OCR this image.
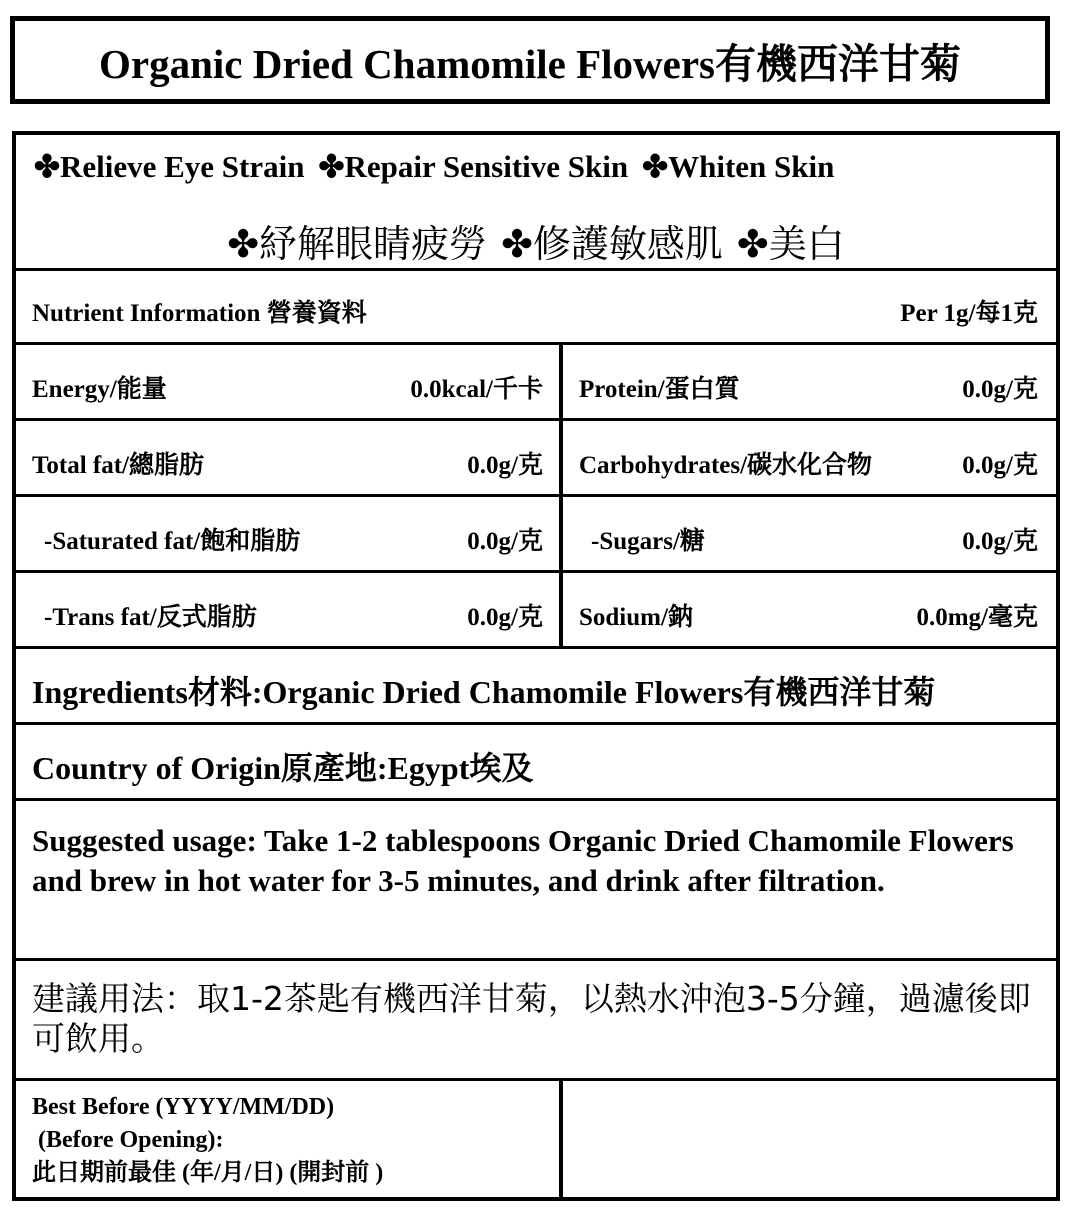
Organic Dried Chamomile Flowers有機西洋甘菊
✤Relieve Eye Strain ✤Repair Sensitive Skin ✤Whiten Skin
✤紓解眼睛疲勞 ✤修護敏感肌 ✤美白
Nutrient Information 營養資料	Per 1g/每1克
Energy/能量	0.0kcal/千卡 Protein/蛋白質	0.0g/克
Total fat/總脂肪	0.0g/克 Carbohydrates/碳水化合物	0.0g/克
-Saturated fat/飽和脂肪	0.0g/克 -Sugars/糖	0.0g/克
-Trans fat/反式脂肪	0.0g/克 Sodium/鈉	0.0mg/毫克
Ingredients材料:Organic Dried Chamomile Flowers有機西洋甘菊
Country of Origin原產地:Egypt埃及
Suggested usage: Take 1-2 tablespoons Organic Dried Chamomile Flowers and brew in hot water for 3-5 minutes, and drink after filtration.
建議用法：取1-2茶匙有機西洋甘菊，以熱水沖泡3-5分鐘，過濾後即可飲用。
Best Before (YYYY/MM/DD)
(Before Opening):
此日期前最佳 (年/月/日) (開封前 )
